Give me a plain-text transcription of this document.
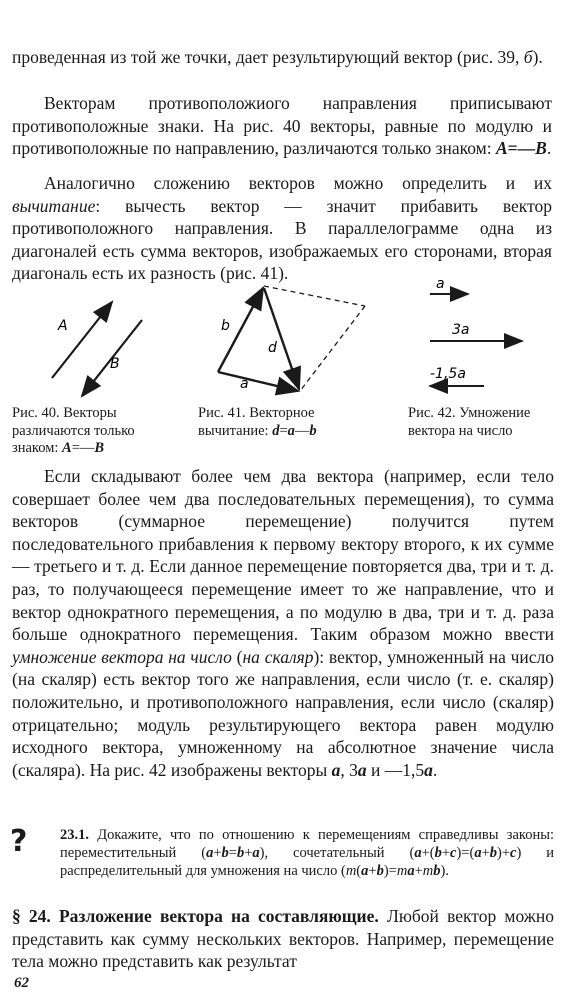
проведенная из той же точки, дает результирующий вектор (рис. 39, б).

Векторам противоположиого направления приписывают противоположные знаки. На рис. 40 векторы, равные по модулю и противоположные по направлению, различаются только знаком: A=—B.

Аналогично сложению векторов можно определить и их вычитание: вычесть вектор — значит прибавить вектор противоположного направления. В параллелограмме одна из диагоналей есть сумма векторов, изображаемых его сторонами, вторая диагональ есть их разность (рис. 41).

A
B
b
d
a
a
3a
-1,5a

Рис. 40. Векторы различаются только знаком: A=—B

Рис. 41. Векторное вычитание: d=a—b

Рис. 42. Умножение вектора на число

Если складывают более чем два вектора (например, если тело совершает более чем два последовательных перемещения), то сумма векторов (суммарное перемещение) получится путем последовательного прибавления к первому вектору второго, к их сумме — третьего и т. д. Если данное перемещение повторяется два, три и т. д. раз, то получающееся перемещение имеет то же направление, что и вектор однократного перемещения, а по модулю в два, три и т. д. раза больше однократного перемещения. Таким образом можно ввести умножение вектора на число (на скаляр): вектор, умноженный на число (на скаляр) есть вектор того же направления, если число (т. е. скаляр) положительно, и противоположного направления, если число (скаляр) отрицательно; модуль результирующего вектора равен модулю исходного вектора, умноженному на абсолютное значение числа (скаляра). На рис. 42 изображены векторы a, 3a и —1,5a.

? 23.1. Докажите, что по отношению к перемещениям справедливы законы: переместительный (a+b=b+a), сочетательный (a+(b+c)=(a+b)+c) и распределительный для умножения на число (m(a+b)=ma+mb).

§ 24. Разложение вектора на составляющие. Любой вектор можно представить как сумму нескольких векторов. Например, перемещение тела можно представить как результат

62
